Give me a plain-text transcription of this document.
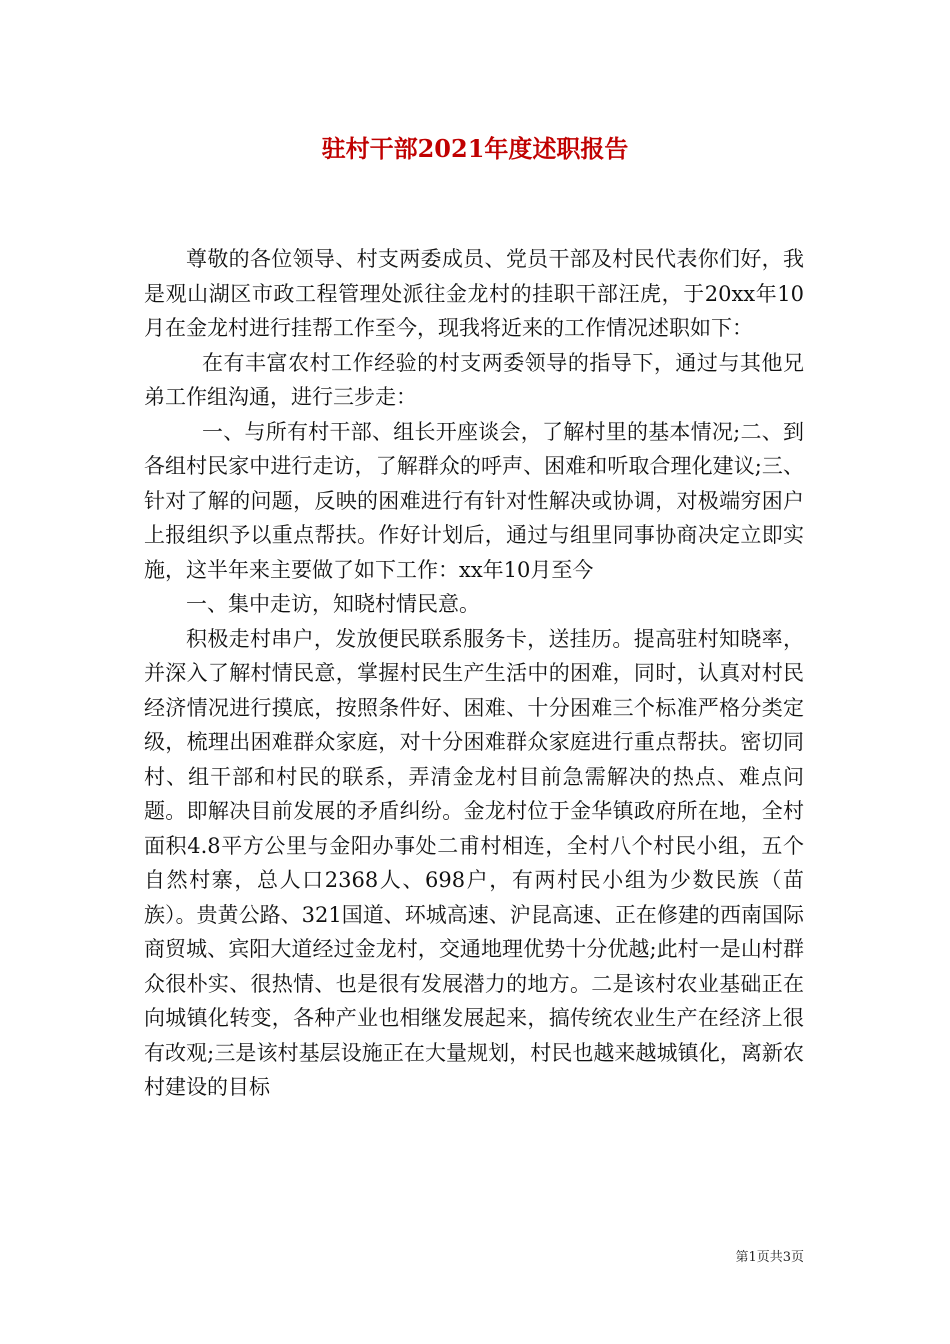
驻村干部2021年度述职报告

尊敬的各位领导、村支两委成员、党员干部及村民代表你们好，我是观山湖区市政工程管理处派往金龙村的挂职干部汪虎，于20xx年10月在金龙村进行挂帮工作至今，现我将近来的工作情况述职如下：

在有丰富农村工作经验的村支两委领导的指导下，通过与其他兄弟工作组沟通，进行三步走：

一、与所有村干部、组长开座谈会，了解村里的基本情况;二、到各组村民家中进行走访，了解群众的呼声、困难和听取合理化建议;三、针对了解的问题，反映的困难进行有针对性解决或协调，对极端穷困户上报组织予以重点帮扶。作好计划后，通过与组里同事协商决定立即实施，这半年来主要做了如下工作：xx年10月至今

一、集中走访，知晓村情民意。

积极走村串户，发放便民联系服务卡，送挂历。提高驻村知晓率，并深入了解村情民意，掌握村民生产生活中的困难，同时，认真对村民经济情况进行摸底，按照条件好、困难、十分困难三个标准严格分类定级，梳理出困难群众家庭，对十分困难群众家庭进行重点帮扶。密切同村、组干部和村民的联系，弄清金龙村目前急需解决的热点、难点问题。即解决目前发展的矛盾纠纷。金龙村位于金华镇政府所在地，全村面积4.8平方公里与金阳办事处二甫村相连，全村八个村民小组，五个自然村寨，总人口2368人、698户，有两村民小组为少数民族（苗族）。贵黄公路、321国道、环城高速、沪昆高速、正在修建的西南国际商贸城、宾阳大道经过金龙村，交通地理优势十分优越;此村一是山村群众很朴实、很热情、也是很有发展潜力的地方。二是该村农业基础正在向城镇化转变，各种产业也相继发展起来，搞传统农业生产在经济上很有改观;三是该村基层设施正在大量规划，村民也越来越城镇化，离新农村建设的目标

第1页共3页
